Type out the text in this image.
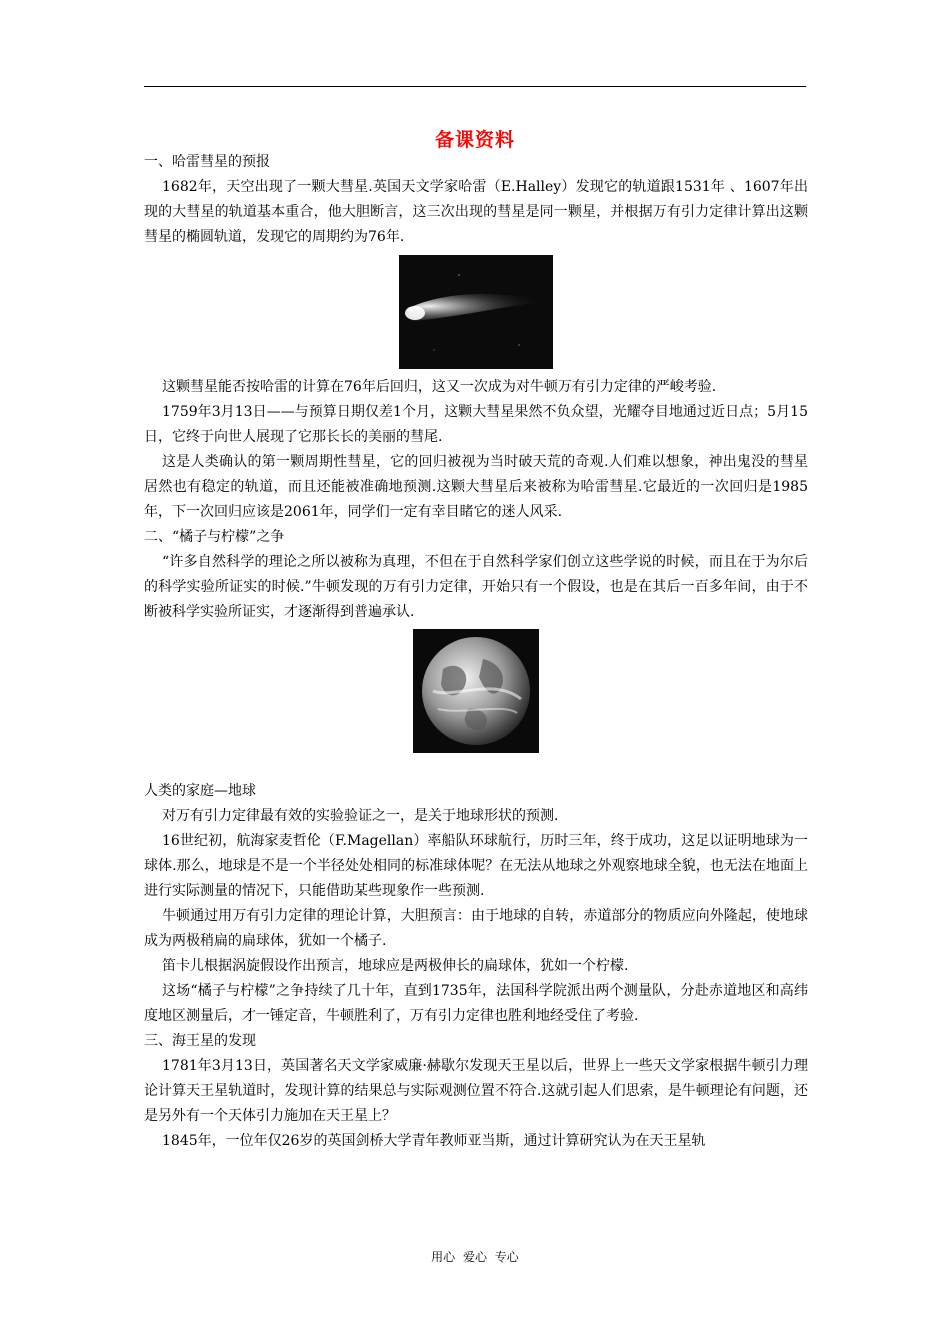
备课资料

一、哈雷彗星的预报

1682年，天空出现了一颗大彗星.英国天文学家哈雷（E.Halley）发现它的轨道跟1531年 、1607年出现的大彗星的轨道基本重合，他大胆断言，这三次出现的彗星是同一颗星，并根据万有引力定律计算出这颗彗星的椭圆轨道，发现它的周期约为76年.

这颗彗星能否按哈雷的计算在76年后回归，这又一次成为对牛顿万有引力定律的严峻考验.

1759年3月13日——与预算日期仅差1个月，这颗大彗星果然不负众望，光耀夺目地通过近日点；5月15日，它终于向世人展现了它那长长的美丽的彗尾.

这是人类确认的第一颗周期性彗星，它的回归被视为当时破天荒的奇观.人们难以想象，神出鬼没的彗星居然也有稳定的轨道，而且还能被准确地预测.这颗大彗星后来被称为哈雷彗星.它最近的一次回归是1985年，下一次回归应该是2061年，同学们一定有幸目睹它的迷人风采.

二、“橘子与柠檬”之争

“许多自然科学的理论之所以被称为真理，不但在于自然科学家们创立这些学说的时候，而且在于为尔后的科学实验所证实的时候.”牛顿发现的万有引力定律，开始只有一个假设，也是在其后一百多年间，由于不断被科学实验所证实，才逐渐得到普遍承认.

人类的家庭—地球

对万有引力定律最有效的实验验证之一，是关于地球形状的预测.

16世纪初，航海家麦哲伦（F.Magellan）率船队环球航行，历时三年，终于成功，这足以证明地球为一球体.那么，地球是不是一个半径处处相同的标准球体呢？在无法从地球之外观察地球全貌，也无法在地面上进行实际测量的情况下，只能借助某些现象作一些预测.

牛顿通过用万有引力定律的理论计算，大胆预言：由于地球的自转，赤道部分的物质应向外隆起，使地球成为两极稍扁的扁球体，犹如一个橘子.

笛卡儿根据涡旋假设作出预言，地球应是两极伸长的扁球体，犹如一个柠檬.

这场“橘子与柠檬”之争持续了几十年，直到1735年，法国科学院派出两个测量队，分赴赤道地区和高纬度地区测量后，才一锤定音，牛顿胜利了，万有引力定律也胜利地经受住了考验.

三、海王星的发现

1781年3月13日，英国著名天文学家威廉·赫歇尔发现天王星以后，世界上一些天文学家根据牛顿引力理论计算天王星轨道时，发现计算的结果总与实际观测位置不符合.这就引起人们思索，是牛顿理论有问题，还是另外有一个天体引力施加在天王星上？

1845年，一位年仅26岁的英国剑桥大学青年教师亚当斯，通过计算研究认为在天王星轨

用心 爱心 专心
